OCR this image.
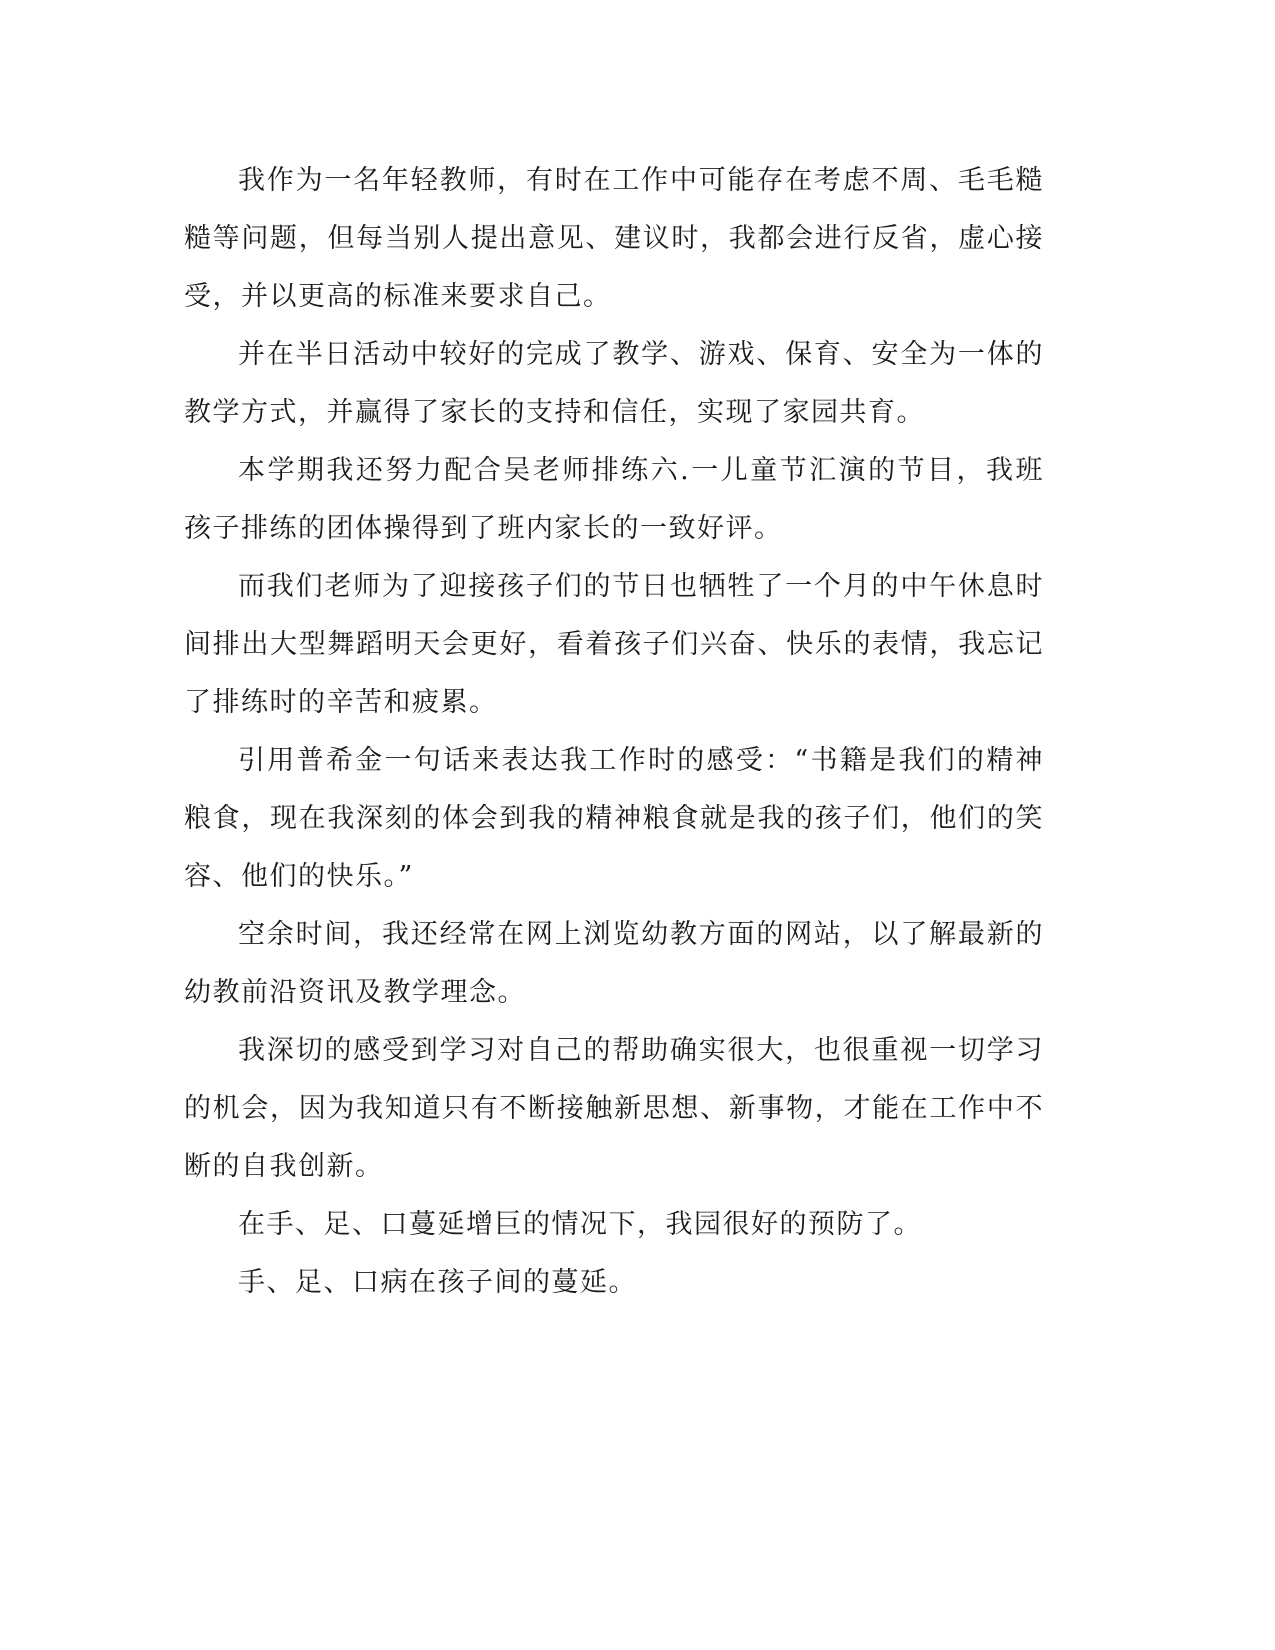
我作为一名年轻教师，有时在工作中可能存在考虑不周、毛毛糙糙等问题，但每当别人提出意见、建议时，我都会进行反省，虚心接受，并以更高的标准来要求自己。

并在半日活动中较好的完成了教学、游戏、保育、安全为一体的教学方式，并赢得了家长的支持和信任，实现了家园共育。

本学期我还努力配合吴老师排练六.一儿童节汇演的节目，我班孩子排练的团体操得到了班内家长的一致好评。

而我们老师为了迎接孩子们的节日也牺牲了一个月的中午休息时间排出大型舞蹈明天会更好，看着孩子们兴奋、快乐的表情，我忘记了排练时的辛苦和疲累。

引用普希金一句话来表达我工作时的感受：“书籍是我们的精神粮食，现在我深刻的体会到我的精神粮食就是我的孩子们，他们的笑容、他们的快乐。”

空余时间，我还经常在网上浏览幼教方面的网站，以了解最新的幼教前沿资讯及教学理念。

我深切的感受到学习对自己的帮助确实很大，也很重视一切学习的机会，因为我知道只有不断接触新思想、新事物，才能在工作中不断的自我创新。

在手、足、口蔓延增巨的情况下，我园很好的预防了。

手、足、口病在孩子间的蔓延。
